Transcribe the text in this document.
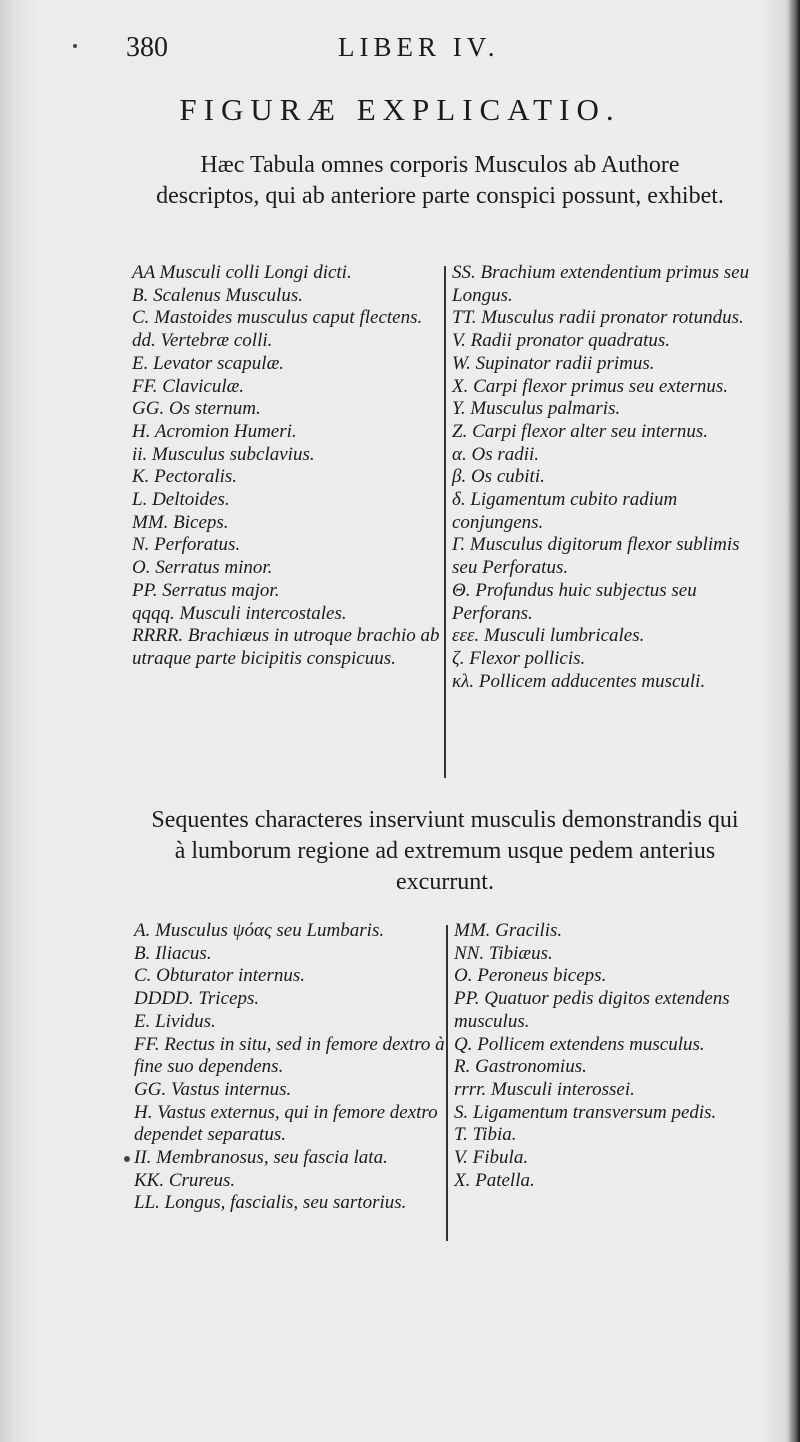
380	LIBER IV.
FIGURÆ EXPLICATIO.
Hæc Tabula omnes corporis Musculos ab Authore descriptos, qui ab anteriore parte conspici possunt, exhibet.
AA Musculi colli Longi dicti.
B. Scalenus Musculus.
C. Mastoides musculus caput flectens.
dd. Vertebræ colli.
E. Levator scapulæ.
FF. Claviculæ.
GG. Os sternum.
H. Acromion Humeri.
ii. Musculus subclavius.
K. Pectoralis.
L. Deltoides.
MM. Biceps.
N. Perforatus.
O. Serratus minor.
PP. Serratus major.
qqqq. Musculi intercostales.
RRRR. Brachiæus in utroque brachio ab utraque parte bicipitis conspicuus.
SS. Brachium extendentium primus seu Longus.
TT. Musculus radii pronator rotundus.
V. Radii pronator quadratus.
W. Supinator radii primus.
X. Carpi flexor primus seu externus.
Y. Musculus palmaris.
Z. Carpi flexor alter seu internus.
α. Os radii.
β. Os cubiti.
δ. Ligamentum cubito radium conjungens.
Γ. Musculus digitorum flexor sublimis seu Perforatus.
Θ. Profundus huic subjectus seu Perforans.
εεε. Musculi lumbricales.
ζ. Flexor pollicis.
κλ. Pollicem adducentes musculi.
Sequentes characteres inserviunt musculis demonstrandis qui à lumborum regione ad extremum usque pedem anterius excurrunt.
A. Musculus ψόας seu Lumbaris.
B. Iliacus.
C. Obturator internus.
DDDD. Triceps.
E. Lividus.
FF. Rectus in situ, sed in femore dextro à fine suo dependens.
GG. Vastus internus.
H. Vastus externus, qui in femore dextro dependet separatus.
II. Membranosus, seu fascia lata.
KK. Crureus.
LL. Longus, fascialis, seu sartorius.
MM. Gracilis.
NN. Tibiæus.
O. Peroneus biceps.
PP. Quatuor pedis digitos extendens musculus.
Q. Pollicem extendens musculus.
R. Gastronomius.
rrrr. Musculi interossei.
S. Ligamentum transversum pedis.
T. Tibia.
V. Fibula.
X. Patella.
